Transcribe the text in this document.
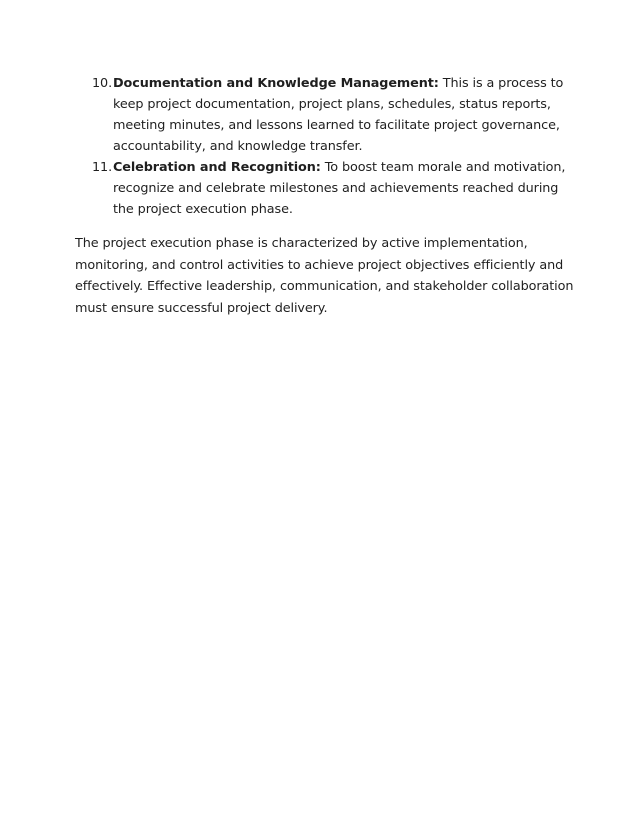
10. Documentation and Knowledge Management: This is a process to keep project documentation, project plans, schedules, status reports, meeting minutes, and lessons learned to facilitate project governance, accountability, and knowledge transfer.
11. Celebration and Recognition: To boost team morale and motivation, recognize and celebrate milestones and achievements reached during the project execution phase.

The project execution phase is characterized by active implementation, monitoring, and control activities to achieve project objectives efficiently and effectively. Effective leadership, communication, and stakeholder collaboration must ensure successful project delivery.
